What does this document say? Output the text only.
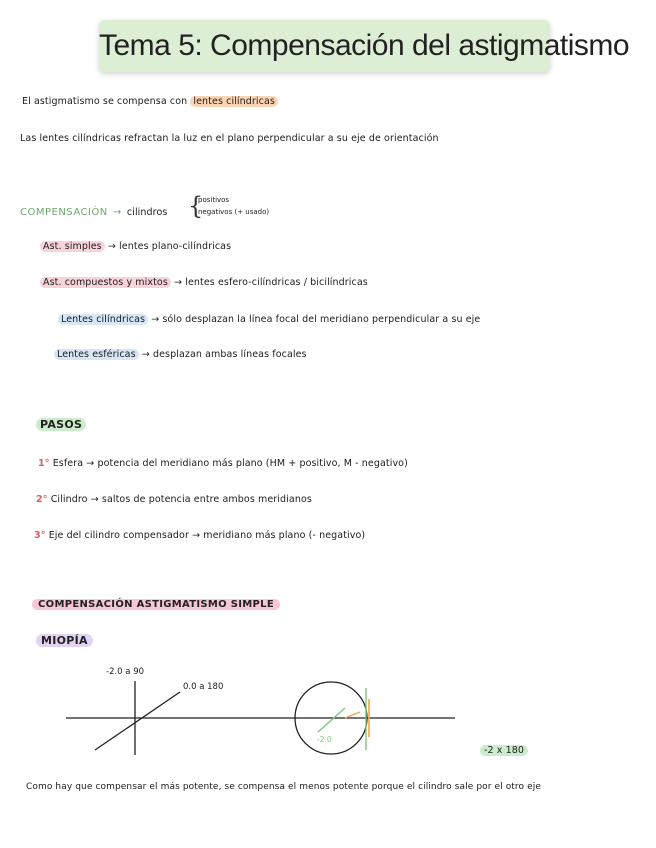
Tema 5: Compensación del astigmatismo
El astigmatismo se compensa con lentes cilíndricas
Las lentes cilíndricas refractan la luz en el plano perpendicular a su eje de orientación
COMPENSACIÓN → cilindros {
positivos
negativos (+ usado)
Ast. simples → lentes plano-cilíndricas
Ast. compuestos y mixtos → lentes esfero-cilíndricas / bicilíndricas
Lentes cilíndricas → sólo desplazan la línea focal del meridiano perpendicular a su eje
Lentes esféricas → desplazan ambas líneas focales
PASOS
1° Esfera → potencia del meridiano más plano (HM + positivo, M - negativo)
2° Cilindro → saltos de potencia entre ambos meridianos
3° Eje del cilindro compensador → meridiano más plano (- negativo)
COMPENSACIÓN ASTIGMATISMO SIMPLE
MIOPÍA
-2.0 a 90
0.0 a 180
-2.0
-2 x 180
Como hay que compensar el más potente, se compensa el menos potente porque el cilindro sale por el otro eje
